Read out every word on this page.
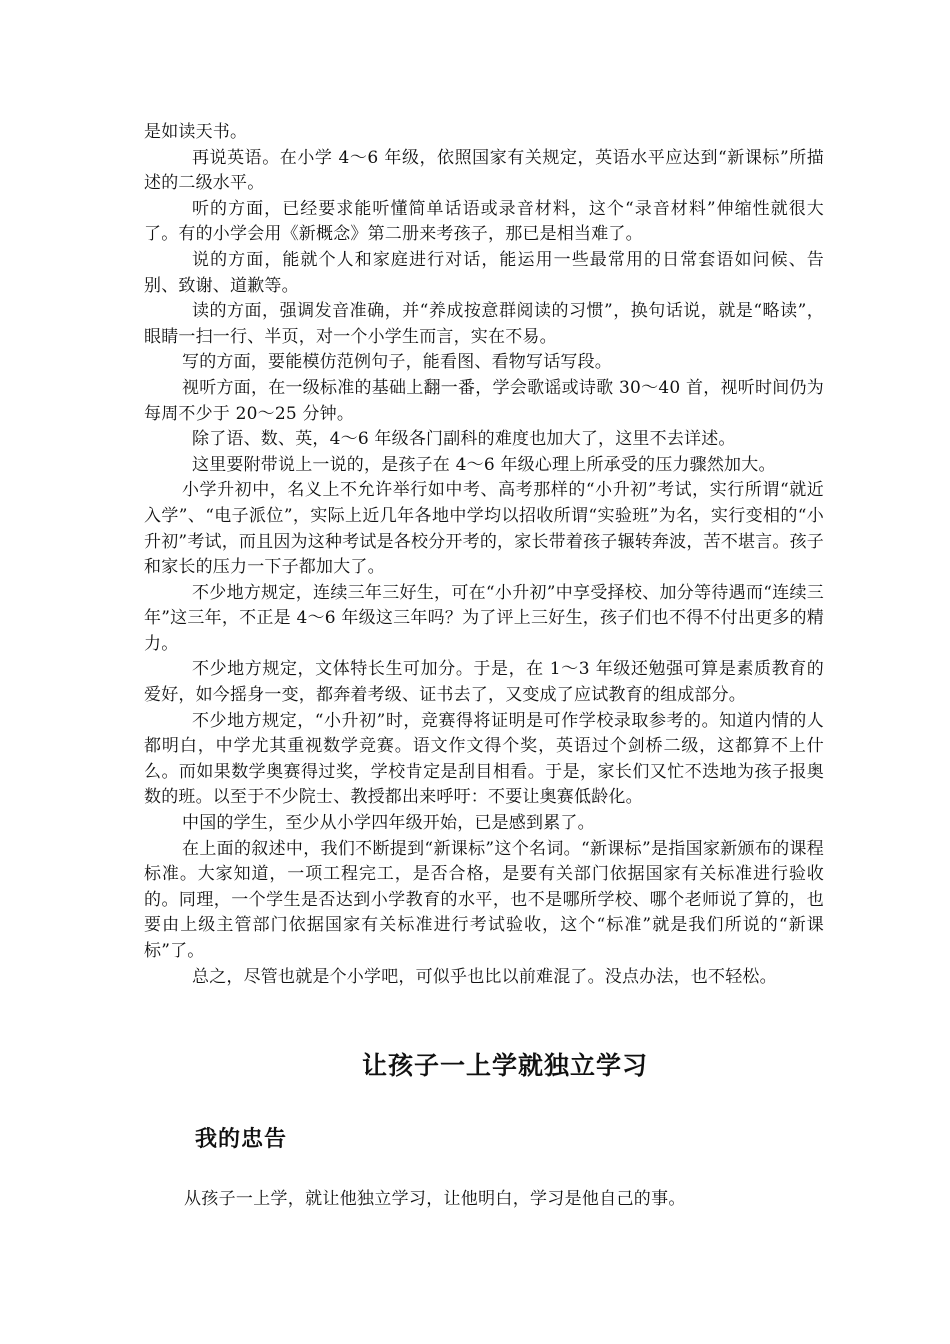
是如读天书。

再说英语。在小学 4～6 年级，依照国家有关规定，英语水平应达到“新课标”所描述的二级水平。

听的方面，已经要求能听懂简单话语或录音材料，这个“录音材料”伸缩性就很大了。有的小学会用《新概念》第二册来考孩子，那已是相当难了。

说的方面，能就个人和家庭进行对话，能运用一些最常用的日常套语如问候、告别、致谢、道歉等。

读的方面，强调发音准确，并“养成按意群阅读的习惯”，换句话说，就是“略读”，眼睛一扫一行、半页，对一个小学生而言，实在不易。

写的方面，要能模仿范例句子，能看图、看物写话写段。

视听方面，在一级标准的基础上翻一番，学会歌谣或诗歌 30～40 首，视听时间仍为每周不少于 20～25 分钟。

除了语、数、英，4～6 年级各门副科的难度也加大了，这里不去详述。

这里要附带说上一说的，是孩子在 4～6 年级心理上所承受的压力骤然加大。

小学升初中，名义上不允许举行如中考、高考那样的“小升初”考试，实行所谓“就近入学”、“电子派位”，实际上近几年各地中学均以招收所谓“实验班”为名，实行变相的“小升初”考试，而且因为这种考试是各校分开考的，家长带着孩子辗转奔波，苦不堪言。孩子和家长的压力一下子都加大了。

不少地方规定，连续三年三好生，可在“小升初”中享受择校、加分等待遇而“连续三年”这三年，不正是 4～6 年级这三年吗？为了评上三好生，孩子们也不得不付出更多的精力。

不少地方规定，文体特长生可加分。于是，在 1～3 年级还勉强可算是素质教育的爱好，如今摇身一变，都奔着考级、证书去了，又变成了应试教育的组成部分。

不少地方规定，“小升初”时，竞赛得将证明是可作学校录取参考的。知道内情的人都明白，中学尤其重视数学竞赛。语文作文得个奖，英语过个剑桥二级，这都算不上什么。而如果数学奥赛得过奖，学校肯定是刮目相看。于是，家长们又忙不迭地为孩子报奥数的班。以至于不少院士、教授都出来呼吁：不要让奥赛低龄化。

中国的学生，至少从小学四年级开始，已是感到累了。

在上面的叙述中，我们不断提到“新课标”这个名词。“新课标”是指国家新颁布的课程标准。大家知道，一项工程完工，是否合格，是要有关部门依据国家有关标准进行验收的。同理，一个学生是否达到小学教育的水平，也不是哪所学校、哪个老师说了算的，也要由上级主管部门依据国家有关标准进行考试验收，这个“标准”就是我们所说的“新课标”了。

总之，尽管也就是个小学吧，可似乎也比以前难混了。没点办法，也不轻松。

让孩子一上学就独立学习
我的忠告

从孩子一上学，就让他独立学习，让他明白，学习是他自己的事。
